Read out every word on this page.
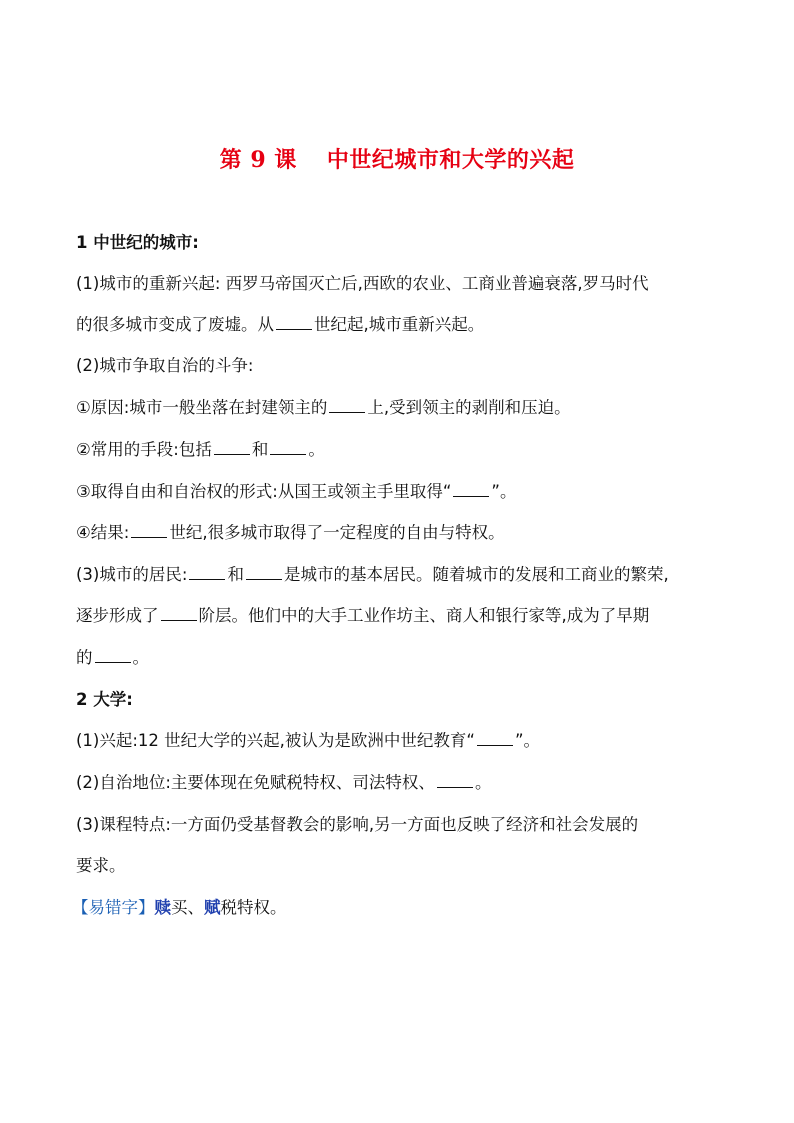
第 9 课 中世纪城市和大学的兴起
1 中世纪的城市:
(1)城市的重新兴起: 西罗马帝国灭亡后,西欧的农业、工商业普遍衰落,罗马时代
的很多城市变成了废墟。从 世纪起,城市重新兴起。
(2)城市争取自治的斗争:
①原因:城市一般坐落在封建领主的 上,受到领主的剥削和压迫。
②常用的手段:包括 和 。
③取得自由和自治权的形式:从国王或领主手里取得“ ”。
④结果: 世纪,很多城市取得了一定程度的自由与特权。
(3)城市的居民: 和 是城市的基本居民。随着城市的发展和工商业的繁荣,
逐步形成了 阶层。他们中的大手工业作坊主、商人和银行家等,成为了早期
的 。
2 大学:
(1)兴起:12 世纪大学的兴起,被认为是欧洲中世纪教育“ ”。
(2)自治地位:主要体现在免赋税特权、司法特权、 。
(3)课程特点:一方面仍受基督教会的影响,另一方面也反映了经济和社会发展的
要求。
【易错字】赎买、赋税特权。
